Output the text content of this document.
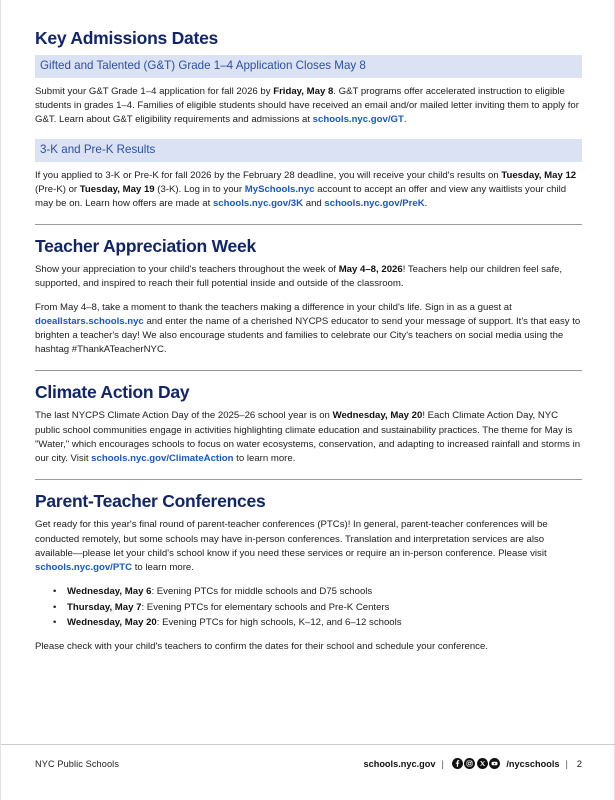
Key Admissions Dates
Gifted and Talented (G&T) Grade 1–4 Application Closes May 8

Submit your G&T Grade 1–4 application for fall 2026 by Friday, May 8. G&T programs offer accelerated instruction to eligible students in grades 1–4. Families of eligible students should have received an email and/or mailed letter inviting them to apply for G&T. Learn about G&T eligibility requirements and admissions at schools.nyc.gov/GT.

3-K and Pre-K Results

If you applied to 3-K or Pre-K for fall 2026 by the February 28 deadline, you will receive your child's results on Tuesday, May 12 (Pre-K) or Tuesday, May 19 (3-K). Log in to your MySchools.nyc account to accept an offer and view any waitlists your child may be on. Learn how offers are made at schools.nyc.gov/3K and schools.nyc.gov/PreK.

Teacher Appreciation Week

Show your appreciation to your child's teachers throughout the week of May 4–8, 2026! Teachers help our children feel safe, supported, and inspired to reach their full potential inside and outside of the classroom.

From May 4–8, take a moment to thank the teachers making a difference in your child's life. Sign in as a guest at doeallstars.schools.nyc and enter the name of a cherished NYCPS educator to send your message of support. It's that easy to brighten a teacher's day! We also encourage students and families to celebrate our City's teachers on social media using the hashtag #ThankATeacherNYC.

Climate Action Day

The last NYCPS Climate Action Day of the 2025–26 school year is on Wednesday, May 20! Each Climate Action Day, NYC public school communities engage in activities highlighting climate education and sustainability practices. The theme for May is "Water," which encourages schools to focus on water ecosystems, conservation, and adapting to increased rainfall and storms in our city. Visit schools.nyc.gov/ClimateAction to learn more.

Parent-Teacher Conferences

Get ready for this year's final round of parent-teacher conferences (PTCs)! In general, parent-teacher conferences will be conducted remotely, but some schools may have in-person conferences. Translation and interpretation services are also available—please let your child's school know if you need these services or require an in-person conference. Please visit schools.nyc.gov/PTC to learn more.

• Wednesday, May 6: Evening PTCs for middle schools and D75 schools
• Thursday, May 7: Evening PTCs for elementary schools and Pre-K Centers
• Wednesday, May 20: Evening PTCs for high schools, K–12, and 6–12 schools

Please check with your child's teachers to confirm the dates for their school and schedule your conference.

NYC Public Schools	schools.nyc.gov |	/nycschools | 2
